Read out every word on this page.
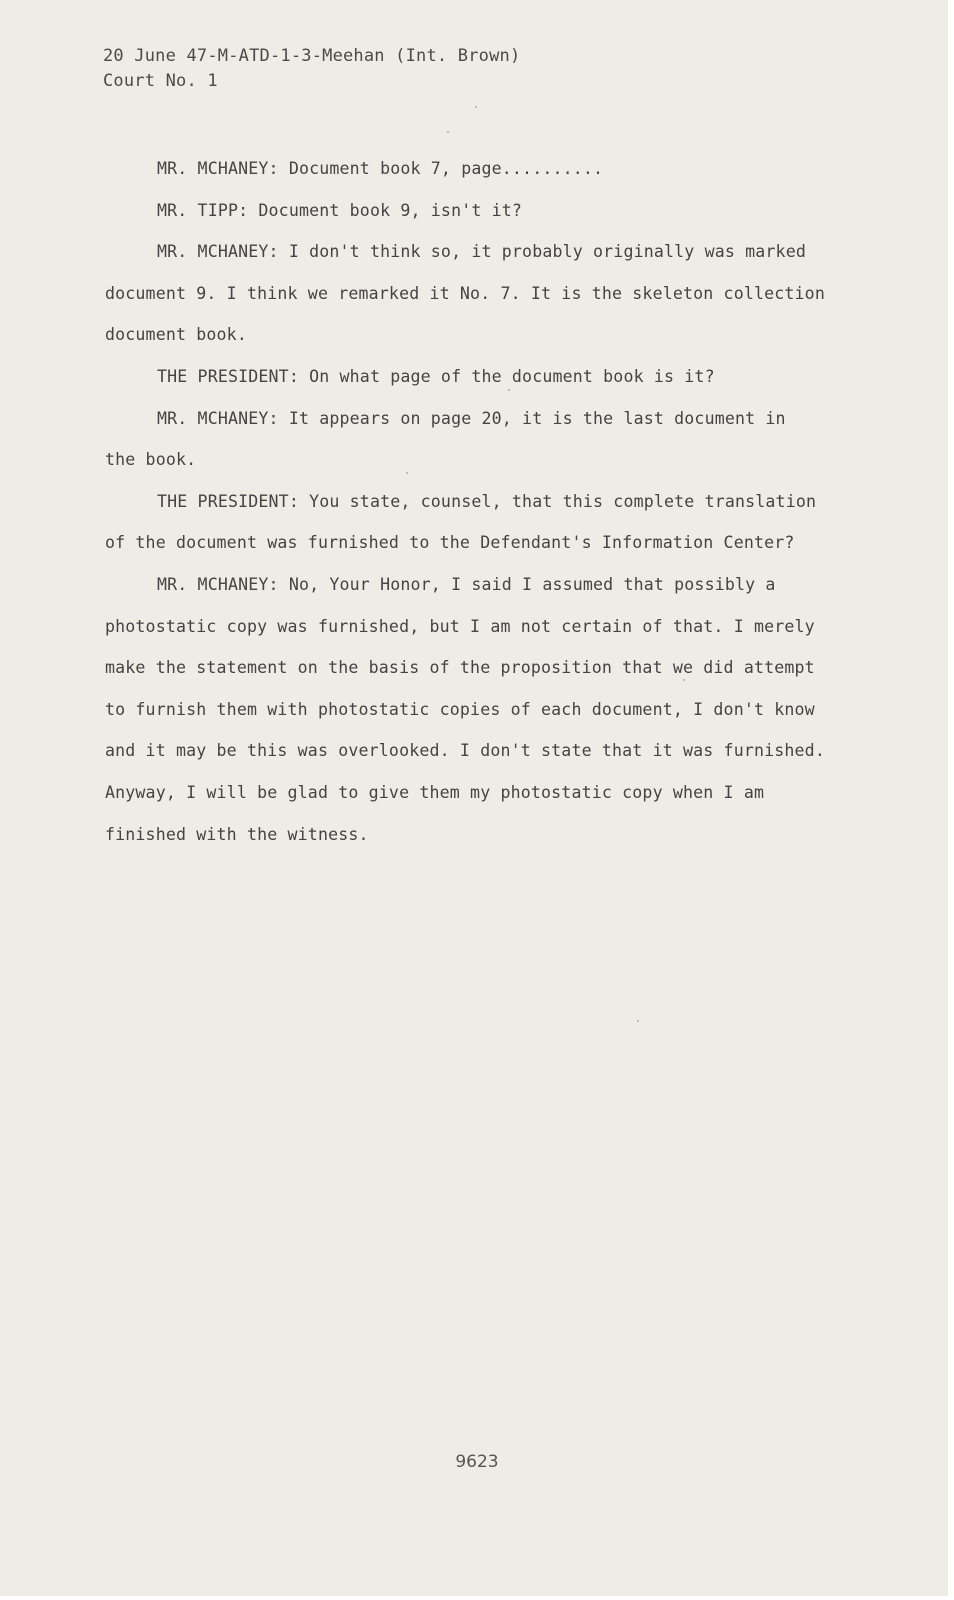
20 June 47-M-ATD-1-3-Meehan (Int. Brown)
Court No. 1
MR. MCHANEY: Document book 7, page..........
MR. TIPP: Document book 9, isn't it?
MR. MCHANEY: I don't think so, it probably originally was marked
document 9. I think we remarked it No. 7. It is the skeleton collection
document book.
THE PRESIDENT: On what page of the document book is it?
MR. MCHANEY: It appears on page 20, it is the last document in
the book.
THE PRESIDENT: You state, counsel, that this complete translation
of the document was furnished to the Defendant's Information Center?
MR. MCHANEY: No, Your Honor, I said I assumed that possibly a
photostatic copy was furnished, but I am not certain of that. I merely
make the statement on the basis of the proposition that we did attempt
to furnish them with photostatic copies of each document, I don't know
and it may be this was overlooked. I don't state that it was furnished.
Anyway, I will be glad to give them my photostatic copy when I am
finished with the witness.
9623
